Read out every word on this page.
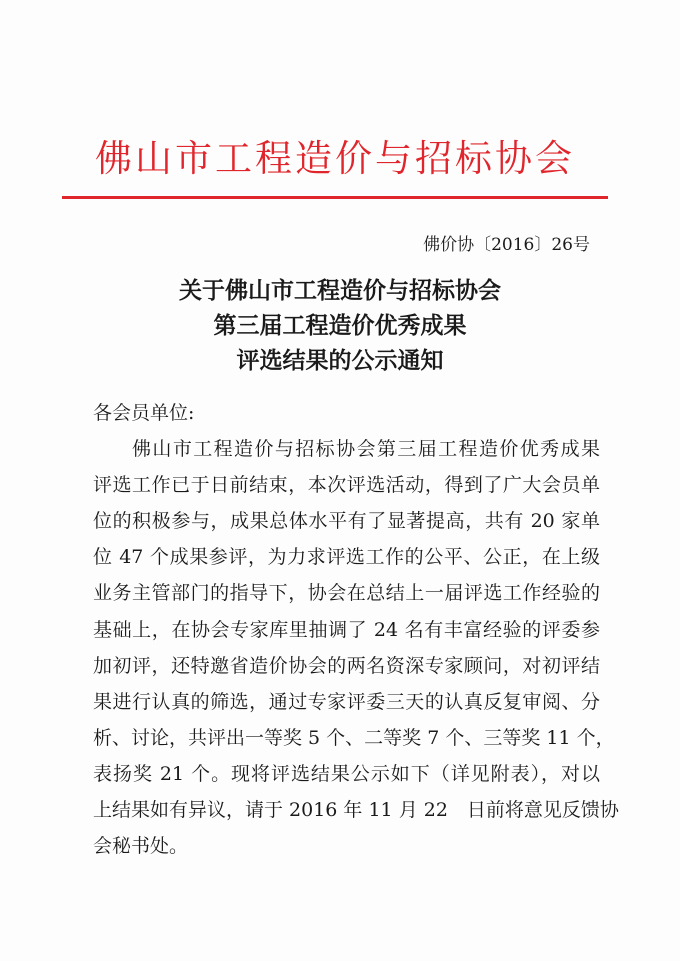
佛山市工程造价与招标协会
佛价协〔2016〕26号
关于佛山市工程造价与招标协会
第三届工程造价优秀成果
评选结果的公示通知
各会员单位:
佛山市工程造价与招标协会第三届工程造价优秀成果
评选工作已于日前结束，本次评选活动，得到了广大会员单
位的积极参与，成果总体水平有了显著提高，共有 20 家单
位 47 个成果参评，为力求评选工作的公平、公正，在上级
业务主管部门的指导下，协会在总结上一届评选工作经验的
基础上，在协会专家库里抽调了 24 名有丰富经验的评委参
加初评，还特邀省造价协会的两名资深专家顾问，对初评结
果进行认真的筛选，通过专家评委三天的认真反复审阅、分
析、讨论，共评出一等奖 5 个、二等奖 7 个、三等奖 11 个，
表扬奖 21 个。现将评选结果公示如下（详见附表），对以
上结果如有异议，请于 2016 年 11 月 22　日前将意见反馈协
会秘书处。
